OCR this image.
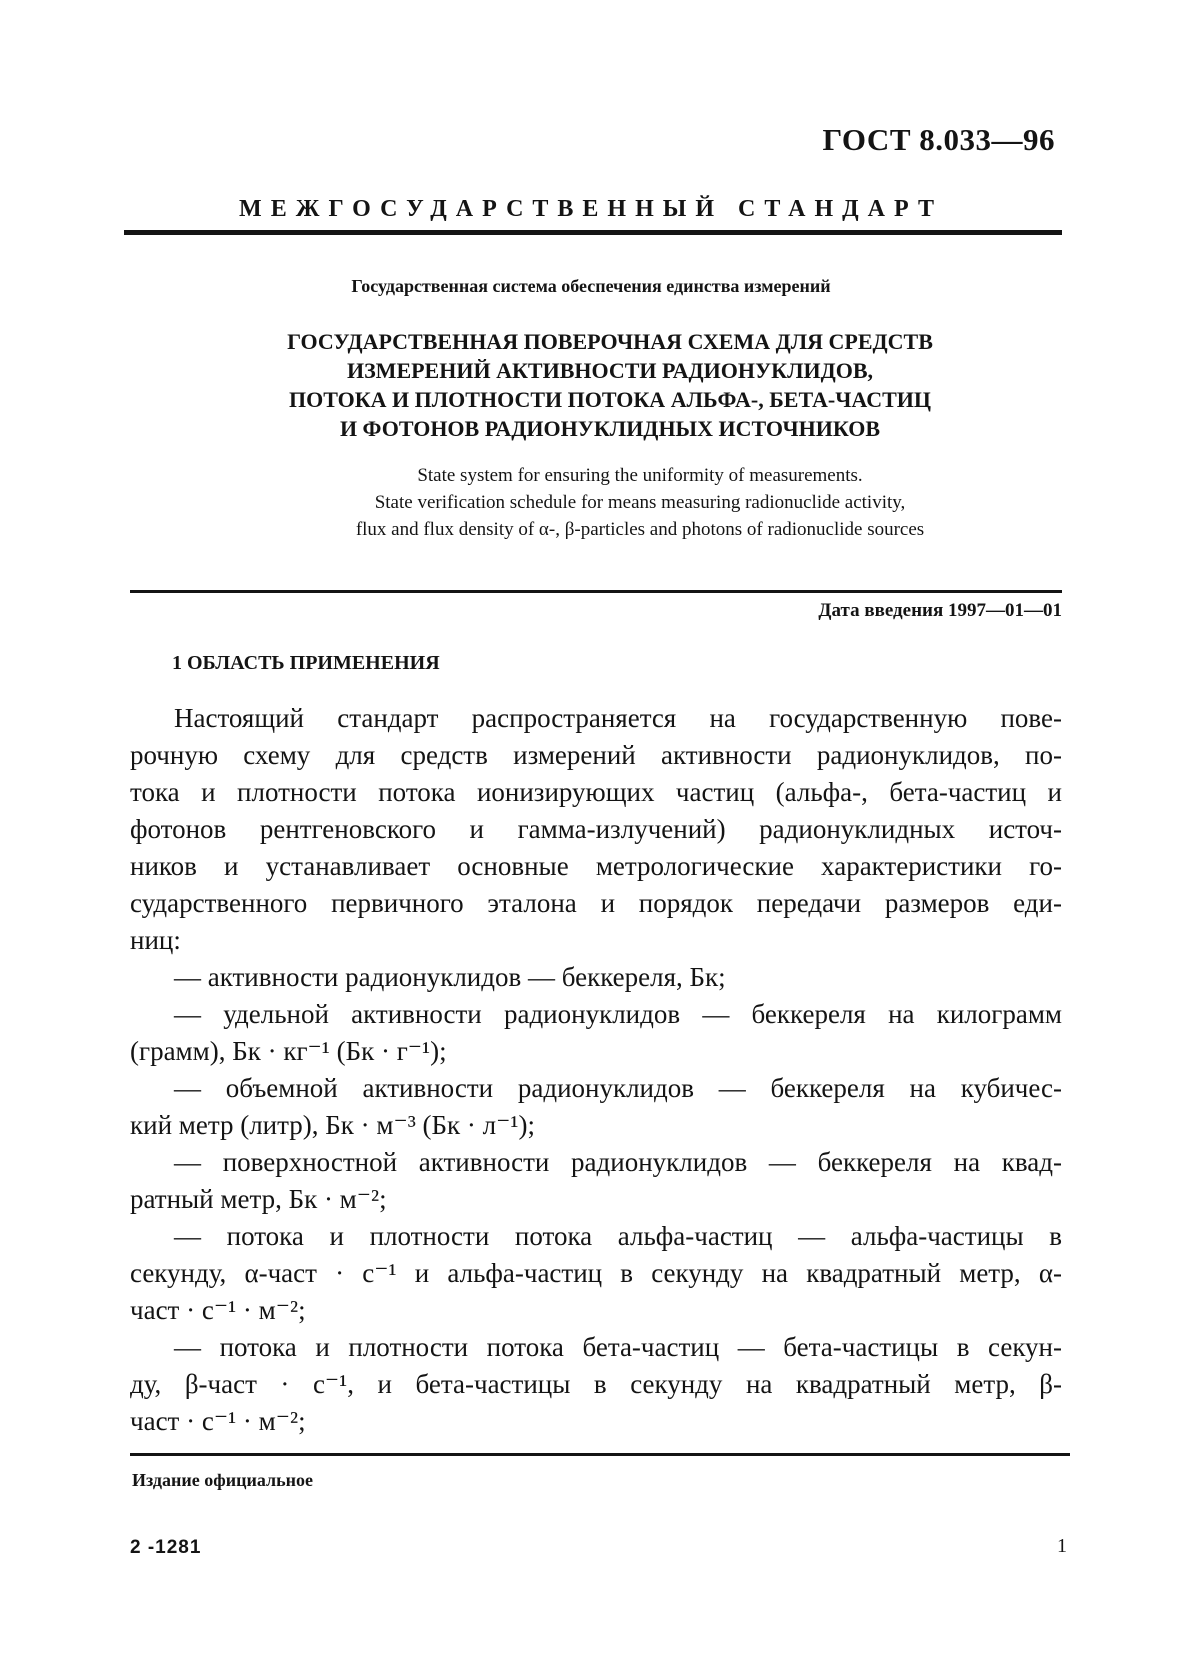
ГОСТ 8.033—96
МЕЖГОСУДАРСТВЕННЫЙ СТАНДАРТ
Государственная система обеспечения единства измерений
ГОСУДАРСТВЕННАЯ ПОВЕРОЧНАЯ СХЕМА ДЛЯ СРЕДСТВ
ИЗМЕРЕНИЙ АКТИВНОСТИ РАДИОНУКЛИДОВ,
ПОТОКА И ПЛОТНОСТИ ПОТОКА АЛЬФА-, БЕТА-ЧАСТИЦ
И ФОТОНОВ РАДИОНУКЛИДНЫХ ИСТОЧНИКОВ
State system for ensuring the uniformity of measurements.
State verification schedule for means measuring radionuclide activity,
flux and flux density of α-, β-particles and photons of radionuclide sources
Дата введения 1997—01—01
1 ОБЛАСТЬ ПРИМЕНЕНИЯ
Настоящий стандарт распространяется на государственную пове-
рочную схему для средств измерений активности радионуклидов, по-
тока и плотности потока ионизирующих частиц (альфа-, бета-частиц и
фотонов рентгеновского и гамма-излучений) радионуклидных источ-
ников и устанавливает основные метрологические характеристики го-
сударственного первичного эталона и порядок передачи размеров еди-
ниц:
— активности радионуклидов — беккереля, Бк;
— удельной активности радионуклидов — беккереля на килограмм
(грамм), Бк · кг⁻¹ (Бк · г⁻¹);
— объемной активности радионуклидов — беккереля на кубичес-
кий метр (литр), Бк · м⁻³ (Бк · л⁻¹);
— поверхностной активности радионуклидов — беккереля на квад-
ратный метр, Бк · м⁻²;
— потока и плотности потока альфа-частиц — альфа-частицы в
секунду, α-част · с⁻¹ и альфа-частиц в секунду на квадратный метр, α-
част · с⁻¹ · м⁻²;
— потока и плотности потока бета-частиц — бета-частицы в секун-
ду, β-част · с⁻¹, и бета-частицы в секунду на квадратный метр, β-
част · с⁻¹ · м⁻²;
Издание официальное
2 -1281	1
